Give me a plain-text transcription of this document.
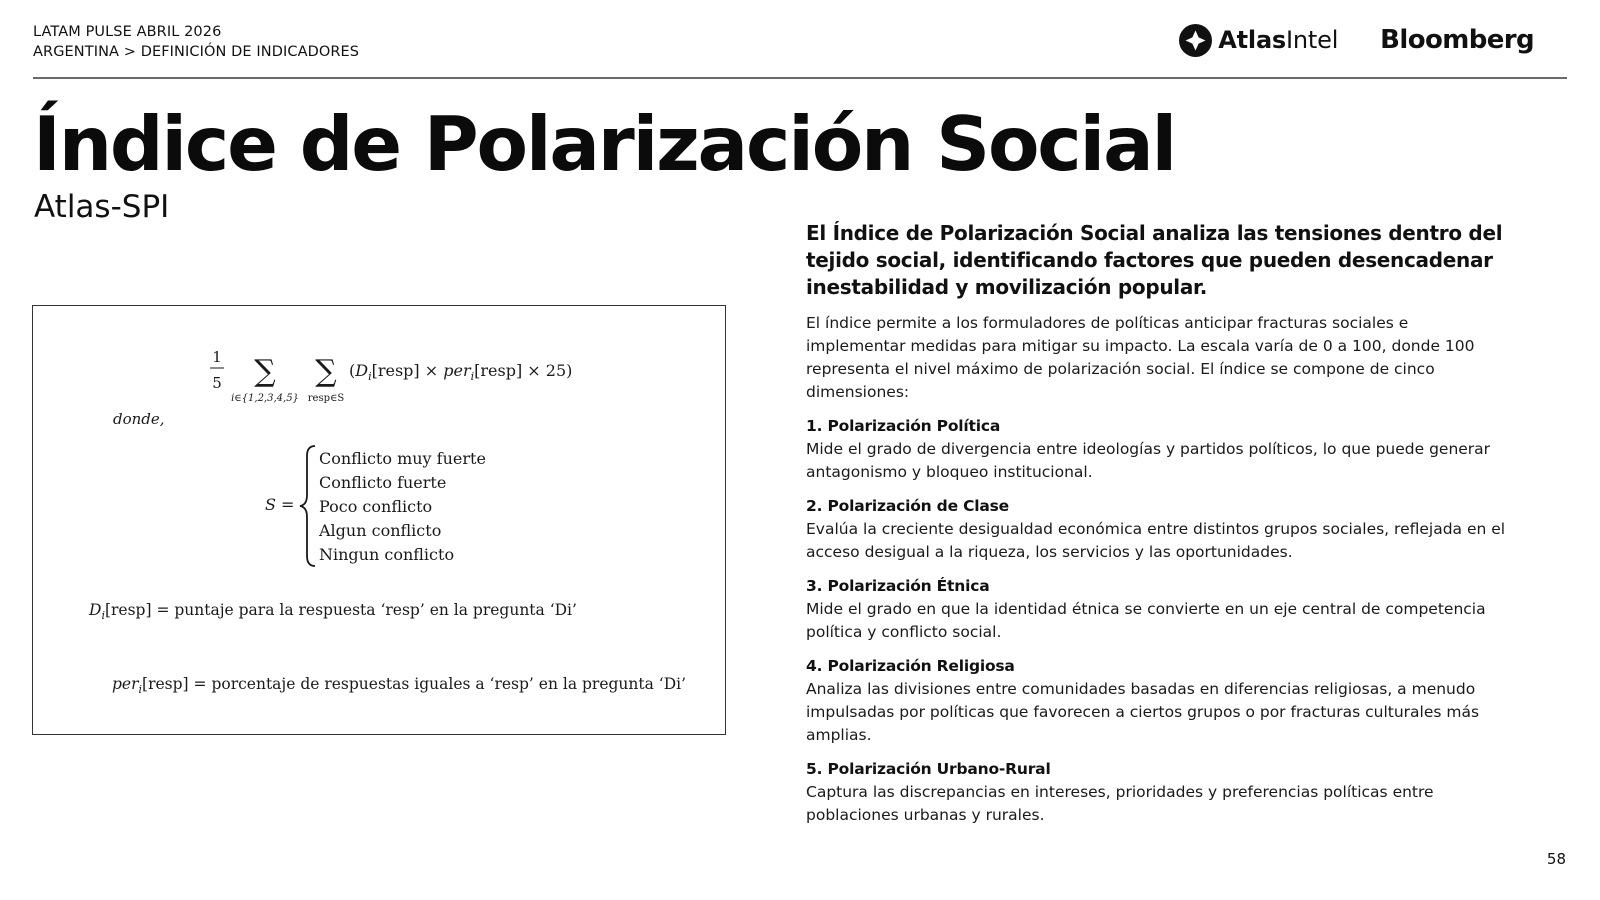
LATAM PULSE ABRIL 2026
ARGENTINA > DEFINICIÓN DE INDICADORES	AtlasIntel Bloomberg
Índice de Polarización Social
Atlas-SPI
1
5 ∑
i∈{1,2,3,4,5}
∑
resp∈S
($D_i[resp]$ × per$_i$[resp] × 25)
donde,
S =
Conflicto muy fuerte
Conflicto fuerte
Poco conflicto
Algun conflicto
Ningun conflicto
$D_i[resp]$ = puntaje para la respuesta ‘resp’ en la pregunta ‘Di’
per$_i$[resp] = porcentaje de respuestas iguales a ‘resp’ en la pregunta ‘Di’
El Índice de Polarización Social analiza las tensiones dentro del tejido social, identificando factores que pueden desencadenar inestabilidad y movilización popular.
El índice permite a los formuladores de políticas anticipar fracturas sociales e implementar medidas para mitigar su impacto. La escala varía de 0 a 100, donde 100 representa el nivel máximo de polarización social. El índice se compone de cinco dimensiones:
1. Polarización Política
Mide el grado de divergencia entre ideologías y partidos políticos, lo que puede generar antagonismo y bloqueo institucional.
2. Polarización de Clase
Evalúa la creciente desigualdad económica entre distintos grupos sociales, reflejada en el acceso desigual a la riqueza, los servicios y las oportunidades.
3. Polarización Étnica
Mide el grado en que la identidad étnica se convierte en un eje central de competencia política y conflicto social.
4. Polarización Religiosa
Analiza las divisiones entre comunidades basadas en diferencias religiosas, a menudo impulsadas por políticas que favorecen a ciertos grupos o por fracturas culturales más amplias.
5. Polarización Urbano-Rural
Captura las discrepancias en intereses, prioridades y preferencias políticas entre poblaciones urbanas y rurales.
58
